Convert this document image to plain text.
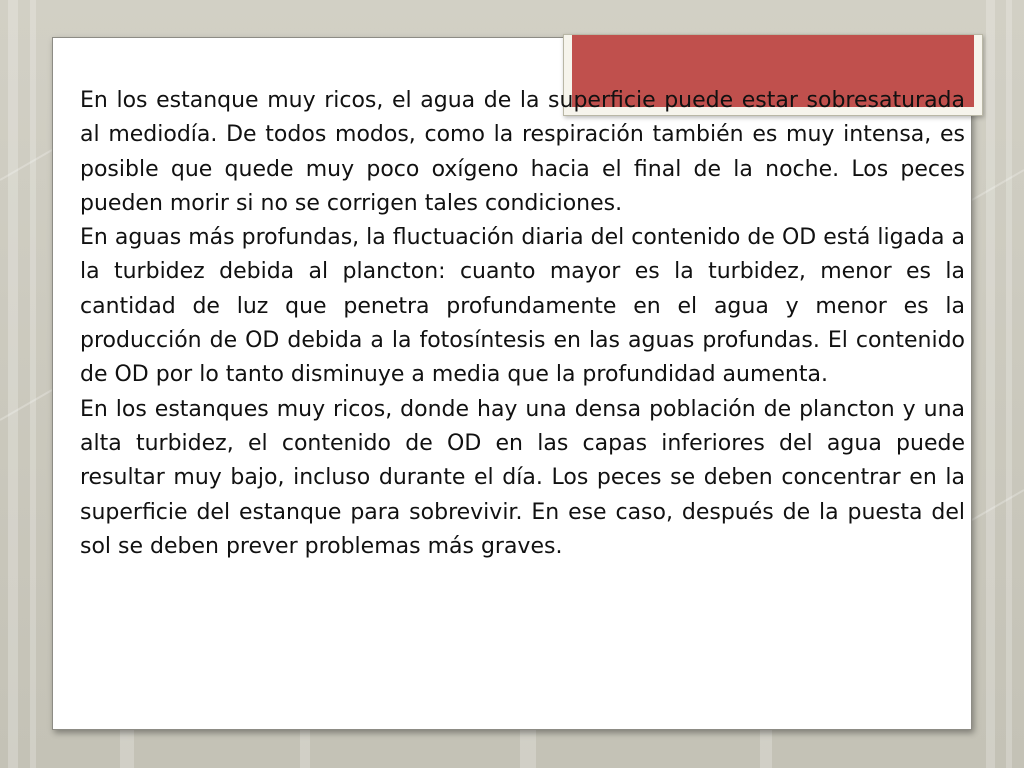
En los estanque muy ricos, el agua de la superficie puede estar sobresaturada al mediodía. De todos modos, como la respiración también es muy intensa, es posible que quede muy poco oxígeno hacia el final de la noche. Los peces pueden morir si no se corrigen tales condiciones.

En aguas más profundas, la fluctuación diaria del contenido de OD está ligada a la turbidez debida al plancton: cuanto mayor es la turbidez, menor es la cantidad de luz que penetra profundamente en el agua y menor es la producción de OD debida a la fotosíntesis en las aguas profundas. El contenido de OD por lo tanto disminuye a media que la profundidad aumenta.

En los estanques muy ricos, donde hay una densa población de plancton y una alta turbidez, el contenido de OD en las capas inferiores del agua puede resultar muy bajo, incluso durante el día. Los peces se deben concentrar en la superficie del estanque para sobrevivir. En ese caso, después de la puesta del sol se deben prever problemas más graves.
